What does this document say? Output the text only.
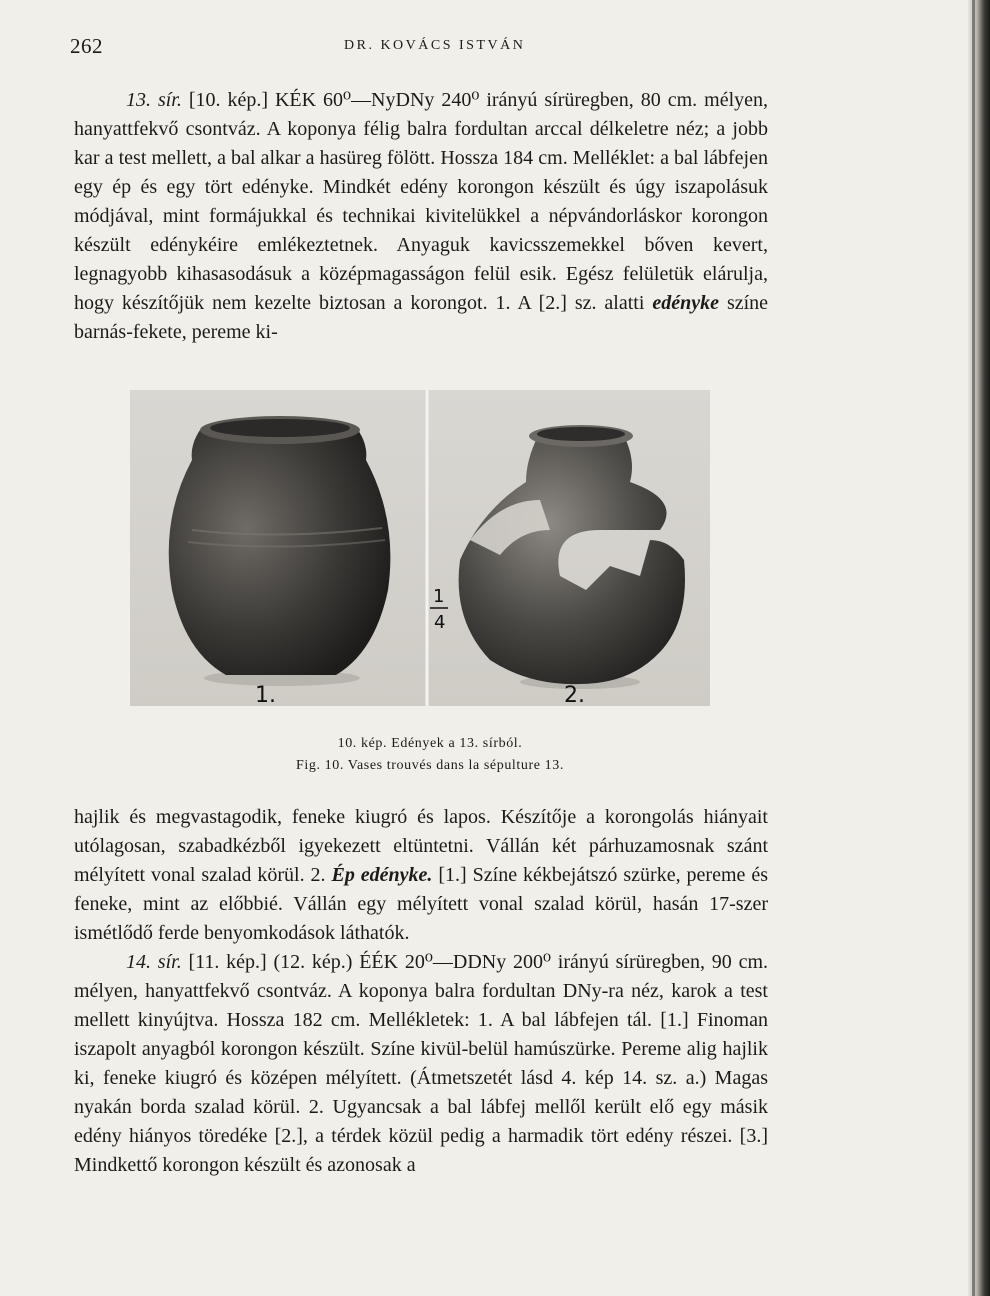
262	DR. KOVÁCS ISTVÁN

13. sír. [10. kép.] KÉK 60⁰—NyDNy 240⁰ irányú sírüregben, 80 cm. mélyen, hanyattfekvő csontváz. A koponya félig balra fordultan arccal délkeletre néz; a jobb kar a test mellett, a bal alkar a hasüreg fölött. Hossza 184 cm. Melléklet: a bal lábfejen egy ép és egy tört edényke. Mindkét edény korongon készült és úgy iszapolásuk módjával, mint formájukkal és technikai kivitelükkel a népvándorláskor korongon készült edénykéire emlékeztetnek. Anyaguk kavicsszemekkel bőven kevert, legnagyobb kihasasodásuk a középmagasságon felül esik. Egész felületük elárulja, hogy készítőjük nem kezelte biztosan a korongot. 1. A [2.] sz. alatti edényke színe barnás-fekete, pereme ki-

1.	2.
1
4
10. kép. Edények a 13. sírból.
Fig. 10. Vases trouvés dans la sépulture 13.

hajlik és megvastagodik, feneke kiugró és lapos. Készítője a korongolás hiányait utólagosan, szabadkézből igyekezett eltüntetni. Vállán két párhuzamosnak szánt mélyített vonal szalad körül. 2. Ép edényke. [1.] Színe kékbejátszó szürke, pereme és feneke, mint az előbbié. Vállán egy mélyített vonal szalad körül, hasán 17-szer ismétlődő ferde benyomkodások láthatók.

14. sír. [11. kép.] (12. kép.) ÉÉK 20⁰—DDNy 200⁰ irányú sírüregben, 90 cm. mélyen, hanyattfekvő csontváz. A koponya balra fordultan DNy-ra néz, karok a test mellett kinyújtva. Hossza 182 cm. Mellékletek: 1. A bal lábfejen tál. [1.] Finoman iszapolt anyagból korongon készült. Színe kivül-belül hamúszürke. Pereme alig hajlik ki, feneke kiugró és középen mélyített. (Átmetszetét lásd 4. kép 14. sz. a.) Magas nyakán borda szalad körül. 2. Ugyancsak a bal lábfej mellől került elő egy másik edény hiányos töredéke [2.], a térdek közül pedig a harmadik tört edény részei. [3.] Mindkettő korongon készült és azonosak a
